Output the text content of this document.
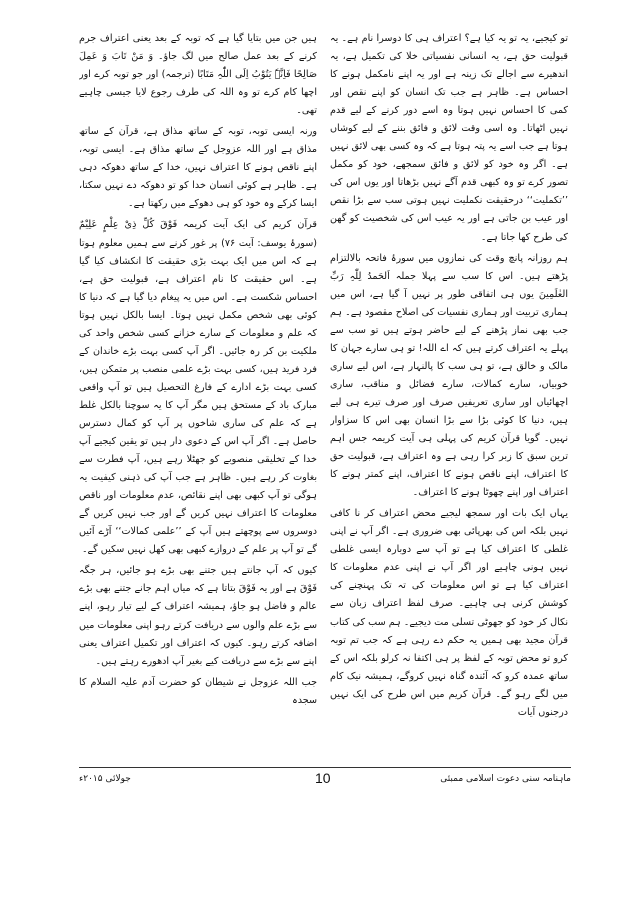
تو کیجیے، یہ تو یہ کیا ہے؟ اعتراف ہی کا دوسرا نام ہے۔ یہ قبولیت حق ہے، یہ انسانی نفسیاتی خلا کی تکمیل ہے، یہ اندھیرے سے اجالے تک زینہ ہے اور یہ اپنے نامکمل ہونے کا احساس ہے۔ ظاہر ہے جب تک انسان کو اپنے نقص اور کمی کا احساس نہیں ہوتا وہ اسے دور کرنے کے لیے قدم نہیں اٹھاتا۔ وہ اسی وقت لائق و فائق بننے کے لیے کوشاں ہوتا ہے جب اسے یہ پتہ ہوتا ہے کہ وہ کسی بھی لائق نہیں ہے۔ اگر وہ خود کو لائق و فائق سمجھے، خود کو مکمل تصور کرے تو وہ کبھی قدم آگے نہیں بڑھاتا اور یوں اس کی ’’تکملیت‘‘ درحقیقت نکملیت نہیں ہوتی سب سے بڑا نقص اور عیب بن جاتی ہے اور یہ عیب اس کی شخصیت کو گھن کی طرح کھا جاتا ہے۔

ہم روزانہ پانچ وقت کی نمازوں میں سورۂ فاتحہ بالالتزام پڑھتے ہیں۔ اس کا سب سے پہلا جملہ اَلحَمدُ لِلّٰہِ رَبِّ العٰلَمِینَ یوں ہی اتفاقی طور پر نہیں آ گیا ہے، اس میں ہماری تربیت اور ہماری نفسیات کی اصلاح مقصود ہے۔ ہم جب بھی نماز پڑھنے کے لیے حاضر ہوتے ہیں تو سب سے پہلے یہ اعتراف کرتے ہیں کہ اے اللہ! تو ہی سارے جہان کا مالک و خالق ہے، تو ہی سب کا پالنہار ہے، اس لیے ساری خوبیاں، سارے کمالات، سارے فضائل و مناقب، ساری اچھائیاں اور ساری تعریفیں صرف اور صرف تیرے ہی لیے ہیں، دنیا کا کوئی بڑا سے بڑا انسان بھی اس کا سزاوار نہیں۔ گویا قرآن کریم کی پہلی ہی آیت کریمہ جس اہم ترین سبق کا زبر کرا رہی ہے وہ اعتراف ہے، قبولیت حق کا اعتراف، اپنے ناقص ہونے کا اعتراف، اپنے کمتر ہونے کا اعتراف اور اپنے چھوٹا ہونے کا اعتراف۔

یہاں ایک بات اور سمجھ لیجیے محض اعتراف کر نا کافی نہیں بلکہ اس کی بھرپائی بھی ضروری ہے۔ اگر آپ نے اپنی غلطی کا اعتراف کیا ہے تو آپ سے دوبارہ ایسی غلطی نہیں ہونی چاہیے اور اگر آپ نے اپنی عدم معلومات کا اعتراف کیا ہے تو اس معلومات کی تہ تک پہنچنے کی کوشش کرنی ہی چاہیے۔ صرف لفظ اعتراف زبان سے نکال کر خود کو جھوٹی تسلی مت دیجیے۔ ہم سب کی کتاب قرآن مجید بھی ہمیں یہ حکم دے رہی ہے کہ جب تم توبہ کرو تو محض توبہ کے لفظ پر ہی اکتفا نہ کرلو بلکہ اس کے ساتھ عمدہ کرو کہ آئندہ گناہ نہیں کروگے، ہمیشہ نیک کام میں لگے رہو گے۔ قرآن کریم میں اس طرح کی ایک نہیں درجنوں آیات

ہیں جن میں بتایا گیا ہے کہ توبہ کے بعد یعنی اعتراف جرم کرنے کے بعد عمل صالح میں لگ جاؤ۔ وَ مَنْ تَابَ وَ عَمِلَ صَالِحًا فَاِنَّہٗ یَتُوْبُ اِلَی اللّٰہِ مَتَابًا (ترجمہ) اور جو توبہ کرے اور اچھا کام کرے تو وہ اللہ کی طرف رجوع لایا جیسی چاہیے تھی۔

ورنہ ایسی توبہ، توبہ کے ساتھ مذاق ہے، قرآن کے ساتھ مذاق ہے اور اللہ عزوجل کے ساتھ مذاق ہے۔ ایسی توبہ، اپنے ناقص ہونے کا اعتراف نہیں، خدا کے ساتھ دھوکہ دہی ہے۔ ظاہر ہے کوئی انسان خدا کو تو دھوکہ دے نہیں سکتا، ایسا کرکے وہ خود کو ہی دھوکے میں رکھتا ہے۔

قرآن کریم کی ایک آیت کریمہ فَوْقَ کُلِّ ذِیْ عِلْمٍ عَلِیْمٌ (سورۂ یوسف: آیت ۷۶) پر غور کرنے سے ہمیں معلوم ہوتا ہے کہ اس میں ایک بہت بڑی حقیقت کا انکشاف کیا گیا ہے۔ اس حقیقت کا نام اعتراف ہے، قبولیت حق ہے، احساس شکست ہے۔ اس میں یہ پیغام دیا گیا ہے کہ دنیا کا کوئی بھی شخص مکمل نہیں ہوتا۔ ایسا بالکل نہیں ہوتا کہ علم و معلومات کے سارے خزانے کسی شخص واحد کی ملکیت بن کر رہ جائیں۔ اگر آپ کسی بہت بڑے خاندان کے فرد فرید ہیں، کسی بہت بڑے علمی منصب پر متمکن ہیں، کسی بہت بڑے ادارے کے فارغ التحصیل ہیں تو آپ واقعی مبارک باد کے مستحق ہیں مگر آپ کا یہ سوچنا بالکل غلط ہے کہ علم کی ساری شاخوں پر آپ کو کمال دسترس حاصل ہے۔ اگر آپ اس کے دعوی دار ہیں تو یقین کیجیے آپ خدا کے تخلیقی منصوبے کو جھٹلا رہے ہیں، آپ فطرت سے بغاوت کر رہے ہیں۔ ظاہر ہے جب آپ کی ذہنی کیفیت یہ ہوگی تو آپ کبھی بھی اپنے نقائص، عدم معلومات اور ناقص معلومات کا اعتراف نہیں کریں گے اور جب نہیں کریں گے دوسروں سے پوچھتے ہیں آپ کے ’’علمی کمالات‘‘ آڑے آئیں گے تو آپ پر علم کے دروازے کبھی بھی کھل نہیں سکیں گے۔

کیوں کہ آپ جانتے ہیں جتنے بھی بڑے ہو جائیں، ہر جگہ فَوْقَ ہے اور یہ فَوْقَ بتاتا ہے کہ میاں اہم جانے جتنے بھی بڑے عالم و فاضل ہو جاؤ، ہمیشہ اعتراف کے لیے تیار رہو، اپنے سے بڑے علم والوں سے دریافت کرتے رہو اپنی معلومات میں اضافہ کرتے رہو۔ کیوں کہ اعتراف اور تکمیل اعتراف یعنی اپنے سے بڑے سے دریافت کیے بغیر آپ ادھورے رہتے ہیں۔

جب اللہ عزوجل نے شیطان کو حضرت آدم علیہ السلام کا سجدہ

ماہنامہ سنی دعوت اسلامی ممبئی
10
جولائی ۲۰۱۵ء
